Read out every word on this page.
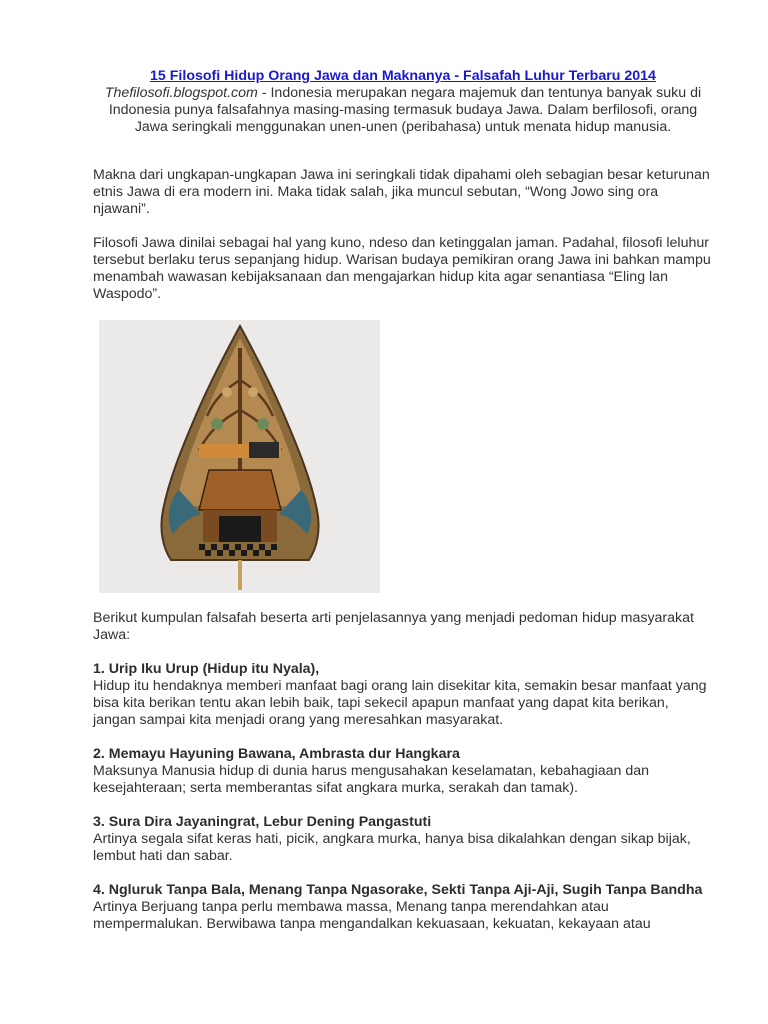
15 Filosofi Hidup Orang Jawa dan Maknanya - Falsafah Luhur Terbaru 2014
Thefilosofi.blogspot.com - Indonesia merupakan negara majemuk dan tentunya banyak suku di Indonesia punya falsafahnya masing-masing termasuk budaya Jawa. Dalam berfilosofi, orang Jawa seringkali menggunakan unen-unen (peribahasa) untuk menata hidup manusia.

Makna dari ungkapan-ungkapan Jawa ini seringkali tidak dipahami oleh sebagian besar keturunan etnis Jawa di era modern ini. Maka tidak salah, jika muncul sebutan, “Wong Jowo sing ora njawani”.

Filosofi Jawa dinilai sebagai hal yang kuno, ndeso dan ketinggalan jaman. Padahal, filosofi leluhur tersebut berlaku terus sepanjang hidup. Warisan budaya pemikiran orang Jawa ini bahkan mampu menambah wawasan kebijaksanaan dan mengajarkan hidup kita agar senantiasa “Eling lan Waspodo”.

Berikut kumpulan falsafah beserta arti penjelasannya yang menjadi pedoman hidup masyarakat Jawa:

1. Urip Iku Urup (Hidup itu Nyala),

Hidup itu hendaknya memberi manfaat bagi orang lain disekitar kita, semakin besar manfaat yang bisa kita berikan tentu akan lebih baik, tapi sekecil apapun manfaat yang dapat kita berikan, jangan sampai kita menjadi orang yang meresahkan masyarakat.

2. Memayu Hayuning Bawana, Ambrasta dur Hangkara

Maksunya Manusia hidup di dunia harus mengusahakan keselamatan, kebahagiaan dan kesejahteraan; serta memberantas sifat angkara murka, serakah dan tamak).

3. Sura Dira Jayaningrat, Lebur Dening Pangastuti

Artinya segala sifat keras hati, picik, angkara murka, hanya bisa dikalahkan dengan sikap bijak, lembut hati dan sabar.

4. Ngluruk Tanpa Bala, Menang Tanpa Ngasorake, Sekti Tanpa Aji-Aji, Sugih Tanpa Bandha

Artinya Berjuang tanpa perlu membawa massa, Menang tanpa merendahkan atau mempermalukan. Berwibawa tanpa mengandalkan kekuasaan, kekuatan, kekayaan atau
